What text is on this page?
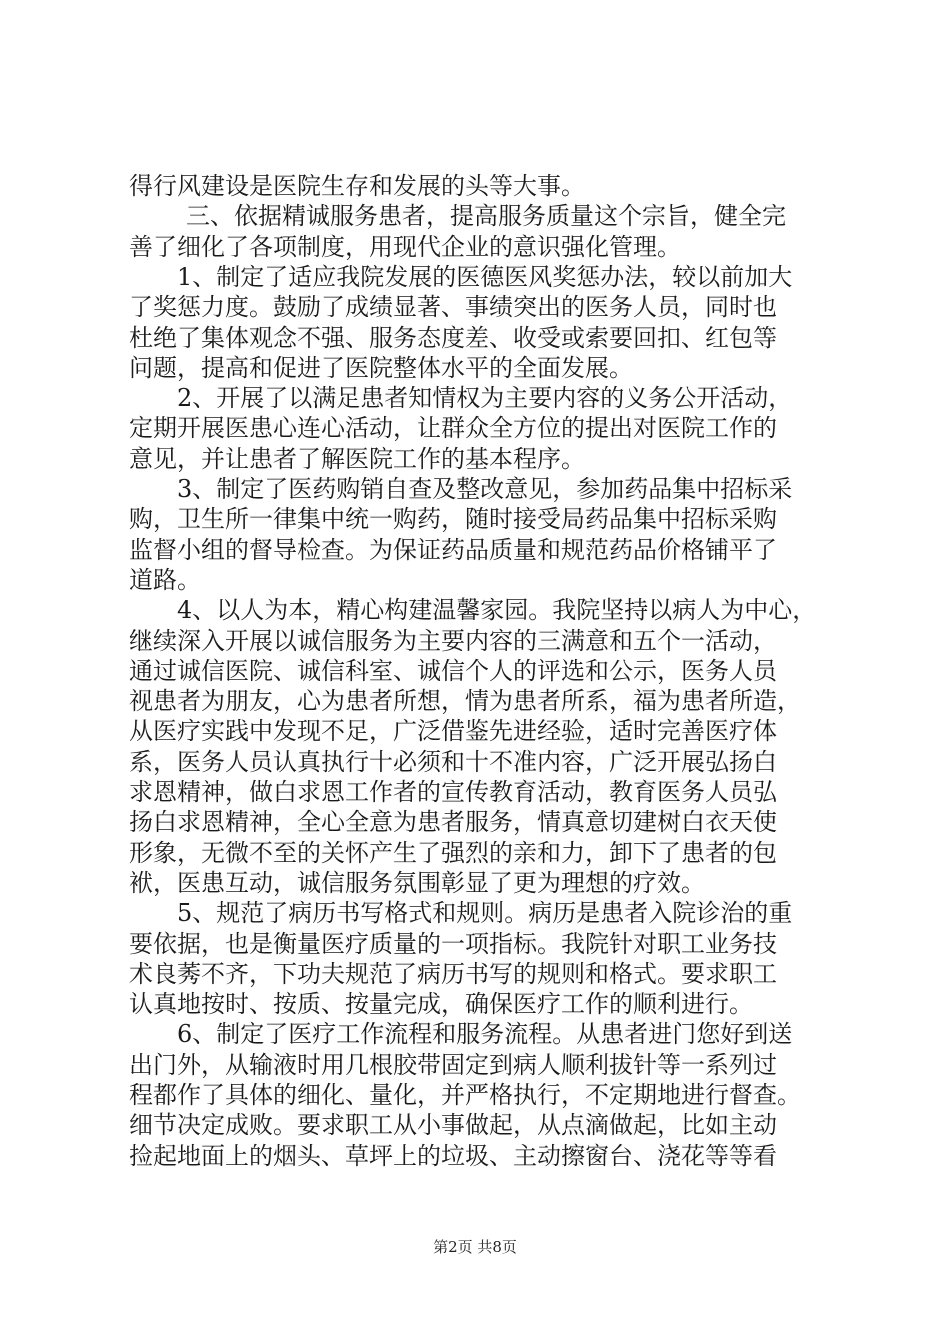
得行风建设是医院生存和发展的头等大事。
三、依据精诚服务患者，提高服务质量这个宗旨，健全完
善了细化了各项制度，用现代企业的意识强化管理。
1、制定了适应我院发展的医德医风奖惩办法，较以前加大
了奖惩力度。鼓励了成绩显著、事绩突出的医务人员，同时也
杜绝了集体观念不强、服务态度差、收受或索要回扣、红包等
问题，提高和促进了医院整体水平的全面发展。
2、开展了以满足患者知情权为主要内容的义务公开活动，
定期开展医患心连心活动，让群众全方位的提出对医院工作的
意见，并让患者了解医院工作的基本程序。
3、制定了医药购销自查及整改意见，参加药品集中招标采
购，卫生所一律集中统一购药，随时接受局药品集中招标采购
监督小组的督导检查。为保证药品质量和规范药品价格铺平了
道路。
4、以人为本，精心构建温馨家园。我院坚持以病人为中心，
继续深入开展以诚信服务为主要内容的三满意和五个一活动，
通过诚信医院、诚信科室、诚信个人的评选和公示，医务人员
视患者为朋友，心为患者所想，情为患者所系，福为患者所造，
从医疗实践中发现不足，广泛借鉴先进经验，适时完善医疗体
系，医务人员认真执行十必须和十不准内容，广泛开展弘扬白
求恩精神，做白求恩工作者的宣传教育活动，教育医务人员弘
扬白求恩精神，全心全意为患者服务，情真意切建树白衣天使
形象，无微不至的关怀产生了强烈的亲和力，卸下了患者的包
袱，医患互动，诚信服务氛围彰显了更为理想的疗效。
5、规范了病历书写格式和规则。病历是患者入院诊治的重
要依据，也是衡量医疗质量的一项指标。我院针对职工业务技
术良莠不齐，下功夫规范了病历书写的规则和格式。要求职工
认真地按时、按质、按量完成，确保医疗工作的顺利进行。
6、制定了医疗工作流程和服务流程。从患者进门您好到送
出门外，从输液时用几根胶带固定到病人顺利拔针等一系列过
程都作了具体的细化、量化，并严格执行，不定期地进行督查。
细节决定成败。要求职工从小事做起，从点滴做起，比如主动
捡起地面上的烟头、草坪上的垃圾、主动擦窗台、浇花等等看
第2页 共8页
